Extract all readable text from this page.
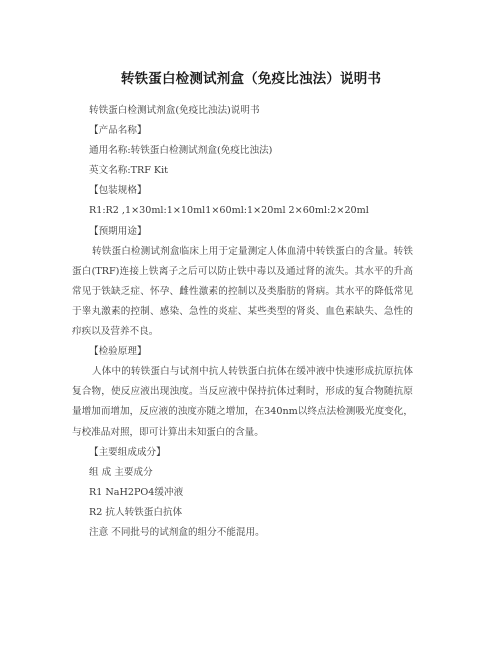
转铁蛋白检测试剂盒（免疫比浊法）说明书
转铁蛋白检测试剂盒(免疫比浊法)说明书
【产品名称】
通用名称:转铁蛋白检测试剂盒(免疫比浊法)
英文名称:TRF Kit
【包装规格】
R1:R2 ,1×30ml:1×10ml1×60ml:1×20ml 2×60ml:2×20ml
【预期用途】
转铁蛋白检测试剂盒临床上用于定量测定人体血清中转铁蛋白的含量。转铁蛋白(TRF)连接上铁离子之后可以防止铁中毒以及通过肾的流失。其水平的升高常见于铁缺乏症、怀孕、雌性激素的控制以及类脂肪的肾病。其水平的降低常见于睾丸激素的控制、感染、急性的炎症、某些类型的肾炎、血色素缺失、急性的疖疾以及营养不良。
【检验原理】
人体中的转铁蛋白与试剂中抗人转铁蛋白抗体在缓冲液中快速形成抗原抗体复合物，使反应液出现浊度。当反应液中保持抗体过剩时，形成的复合物随抗原量增加而增加，反应液的浊度亦随之增加，在340nm以终点法检测吸光度变化，与校准品对照，即可计算出未知蛋白的含量。
【主要组成成分】
组 成 主要成分
R1 NaH2PO4缓冲液
R2 抗人转铁蛋白抗体
注意 不同批号的试剂盒的组分不能混用。
